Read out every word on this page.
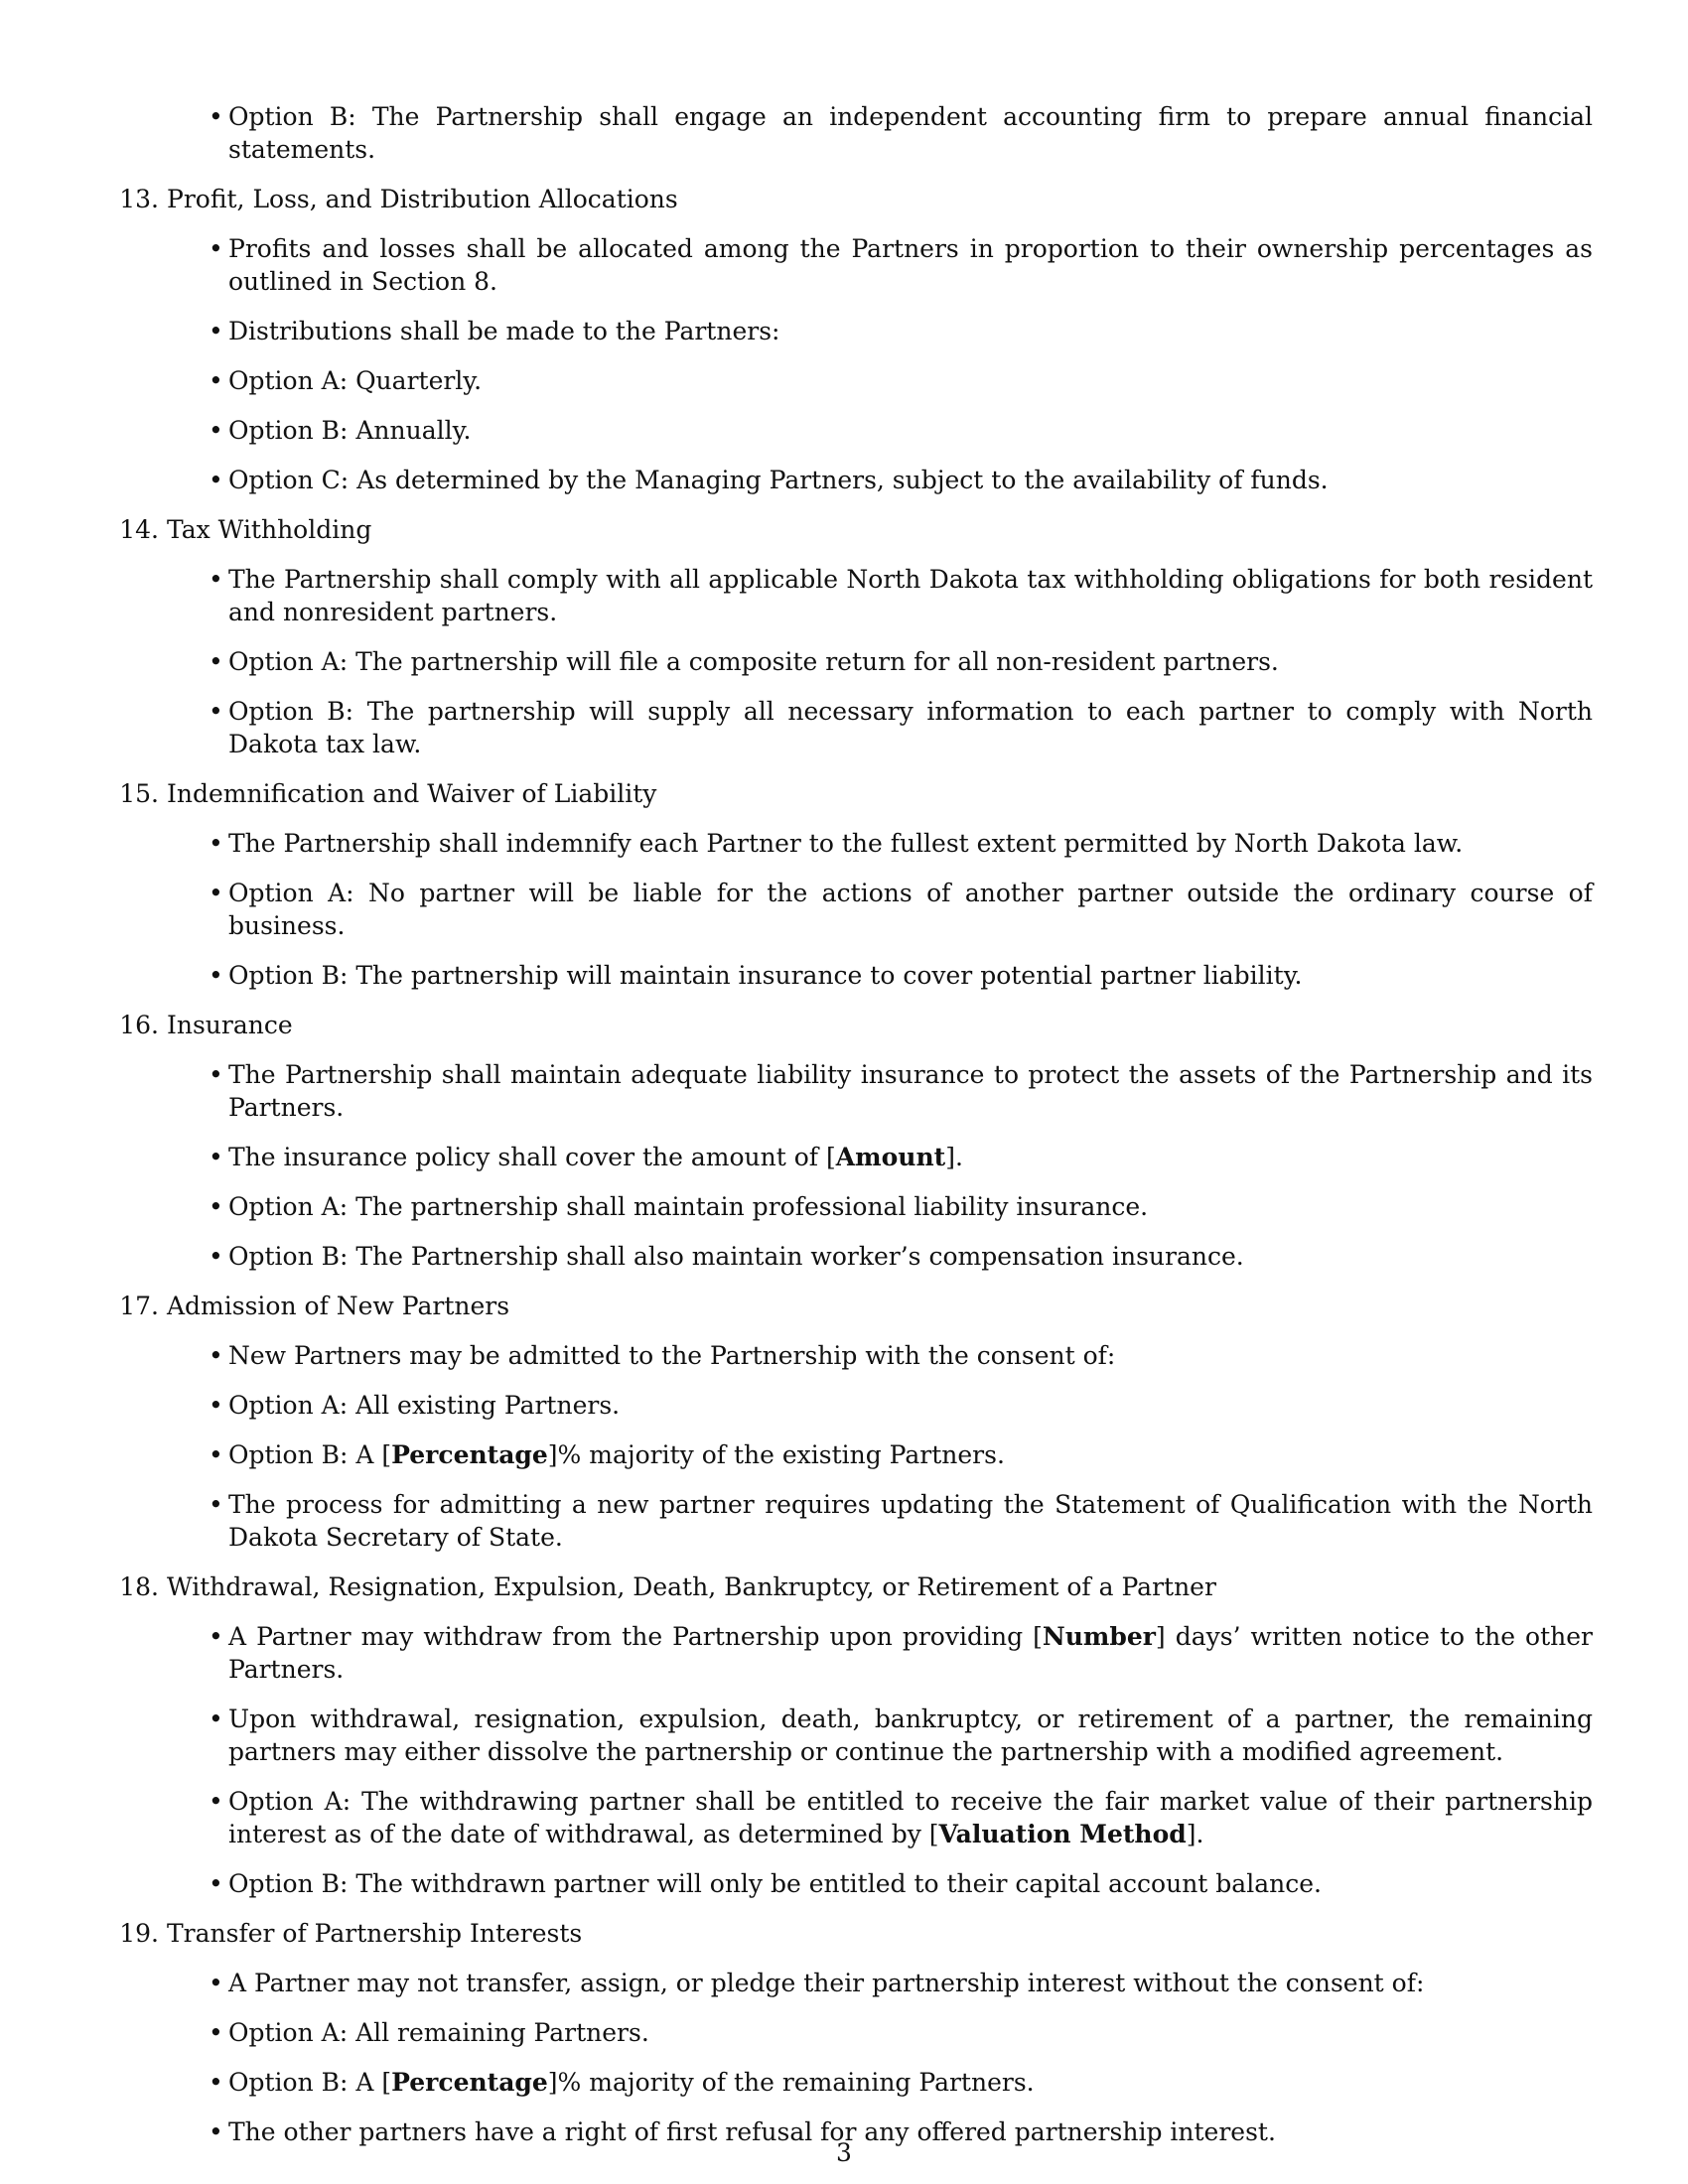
• Option B: The Partnership shall engage an independent accounting firm to prepare annual financial statements.
13. Profit, Loss, and Distribution Allocations
• Profits and losses shall be allocated among the Partners in proportion to their ownership percentages as outlined in Section 8.
• Distributions shall be made to the Partners:
• Option A: Quarterly.
• Option B: Annually.
• Option C: As determined by the Managing Partners, subject to the availability of funds.
14. Tax Withholding
• The Partnership shall comply with all applicable North Dakota tax withholding obligations for both resident and nonresident partners.
• Option A: The partnership will file a composite return for all non-resident partners.
• Option B: The partnership will supply all necessary information to each partner to comply with North Dakota tax law.
15. Indemnification and Waiver of Liability
• The Partnership shall indemnify each Partner to the fullest extent permitted by North Dakota law.
• Option A: No partner will be liable for the actions of another partner outside the ordinary course of business.
• Option B: The partnership will maintain insurance to cover potential partner liability.
16. Insurance
• The Partnership shall maintain adequate liability insurance to protect the assets of the Partnership and its Partners.
• The insurance policy shall cover the amount of [Amount].
• Option A: The partnership shall maintain professional liability insurance.
• Option B: The Partnership shall also maintain worker’s compensation insurance.
17. Admission of New Partners
• New Partners may be admitted to the Partnership with the consent of:
• Option A: All existing Partners.
• Option B: A [Percentage]% majority of the existing Partners.
• The process for admitting a new partner requires updating the Statement of Qualification with the North Dakota Secretary of State.
18. Withdrawal, Resignation, Expulsion, Death, Bankruptcy, or Retirement of a Partner
• A Partner may withdraw from the Partnership upon providing [Number] days’ written notice to the other Partners.
• Upon withdrawal, resignation, expulsion, death, bankruptcy, or retirement of a partner, the remaining partners may either dissolve the partnership or continue the partnership with a modified agreement.
• Option A: The withdrawing partner shall be entitled to receive the fair market value of their partnership interest as of the date of withdrawal, as determined by [Valuation Method].
• Option B: The withdrawn partner will only be entitled to their capital account balance.
19. Transfer of Partnership Interests
• A Partner may not transfer, assign, or pledge their partnership interest without the consent of:
• Option A: All remaining Partners.
• Option B: A [Percentage]% majority of the remaining Partners.
• The other partners have a right of first refusal for any offered partnership interest.
3
